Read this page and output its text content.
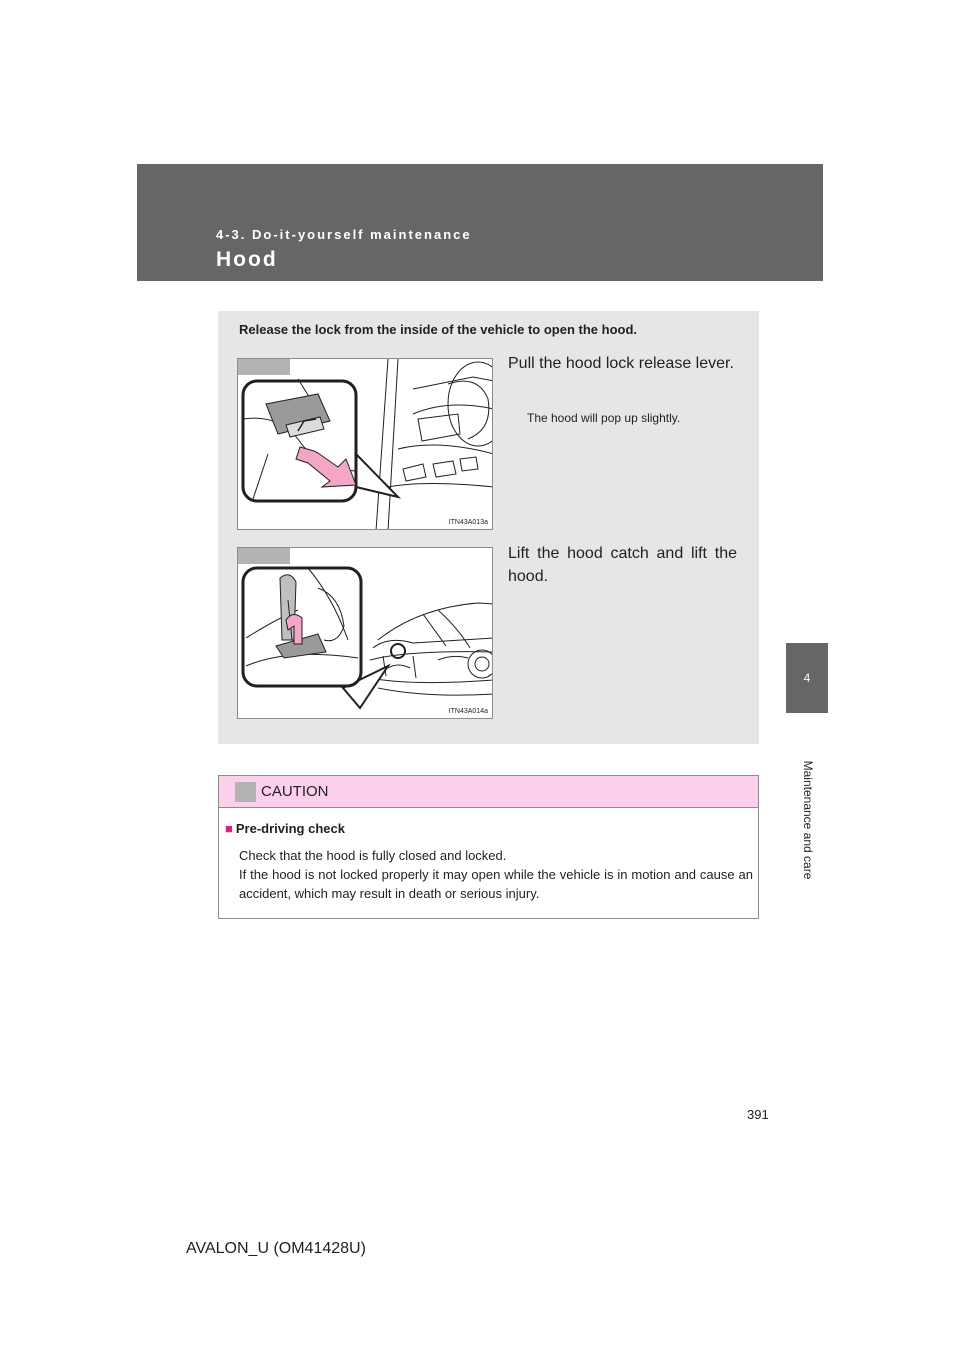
4-3. Do-it-yourself maintenance
Hood
4
Maintenance and care
Release the lock from the inside of the vehicle to open the hood.
ITN43A013a
Pull the hood lock release lever.
The hood will pop up slightly.
ITN43A014a
Lift the hood catch and lift the hood.
CAUTION
■ Pre-driving check

Check that the hood is fully closed and locked.

If the hood is not locked properly it may open while the vehicle is in motion and cause an accident, which may result in death or serious injury.

391
AVALON_U (OM41428U)
